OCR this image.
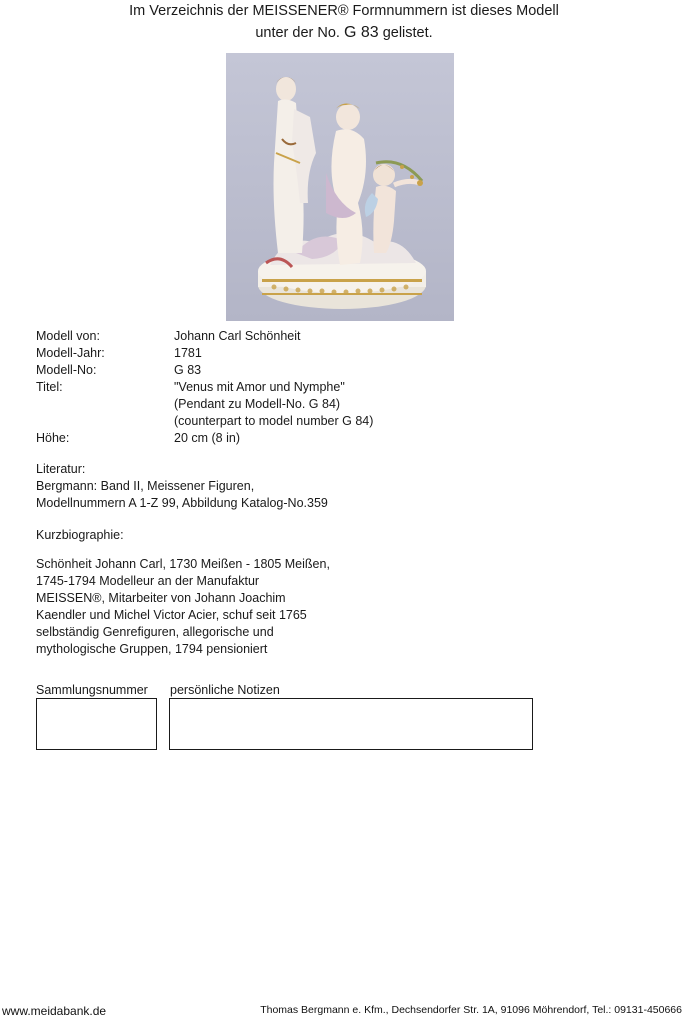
Im Verzeichnis der MEISSENER® Formnummern ist dieses Modell
unter der No. G 83 gelistet.
Modell von:	Johann Carl Schönheit
Modell-Jahr:	1781
Modell-No:	G 83
Titel:	"Venus mit Amor und Nymphe"
(Pendant zu Modell-No. G 84)
(counterpart to model number G 84)
Höhe:	20 cm (8 in)
Literatur:
Bergmann: Band II, Meissener Figuren,
Modellnummern A 1-Z 99, Abbildung Katalog-No.359
Kurzbiographie:
Schönheit Johann Carl, 1730 Meißen - 1805 Meißen,
1745-1794 Modelleur an der Manufaktur
MEISSEN®, Mitarbeiter von Johann Joachim
Kaendler und Michel Victor Acier, schuf seit 1765
selbständig Genrefiguren, allegorische und
mythologische Gruppen, 1794 pensioniert
Sammlungsnummer persönliche Notizen
www.meidabank.de	Thomas Bergmann e. Kfm., Dechsendorfer Str. 1A, 91096 Möhrendorf, Tel.: 09131-450666
